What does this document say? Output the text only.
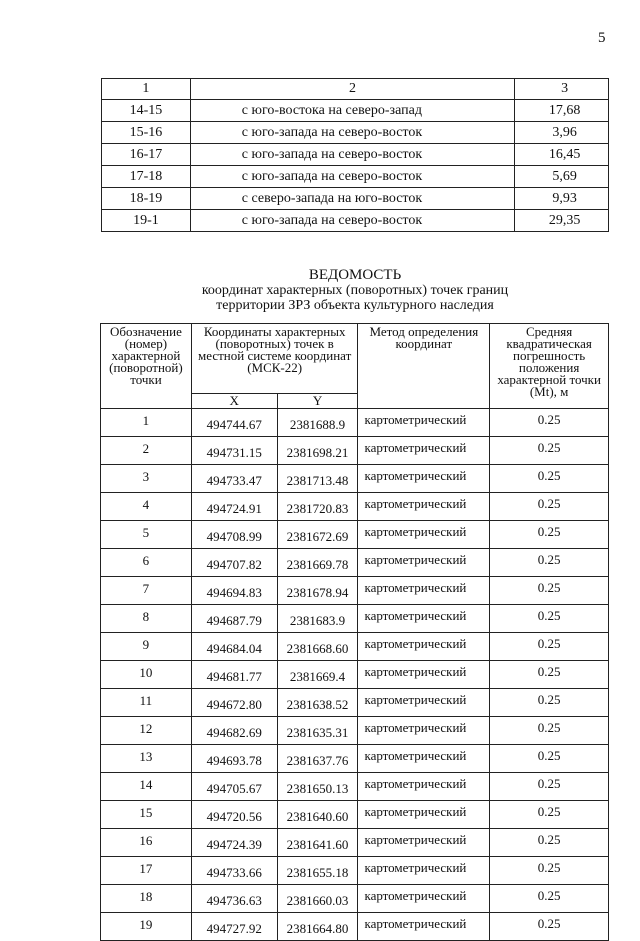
5
1	2	3
14-15	с юго-востока на северо-запад	17,68
15-16	с юго-запада на северо-восток	3,96
16-17	с юго-запада на северо-восток	16,45
17-18	с юго-запада на северо-восток	5,69
18-19	с северо-запада на юго-восток	9,93
19-1	с юго-запада на северо-восток	29,35
ВЕДОМОСТЬ
координат характерных (поворотных) точек границ
территории ЗРЗ объекта культурного наследия
Обозначение (номер) характерной (поворотной) точки	Координаты характерных (поворотных) точек в местной системе координат (МСК-22)		Метод определения координат	Средняя квадратическая погрешность положения характерной точки (Mt), м
	X	Y		
1	494744.67	2381688.9	картометрический	0.25
2	494731.15	2381698.21	картометрический	0.25
3	494733.47	2381713.48	картометрический	0.25
4	494724.91	2381720.83	картометрический	0.25
5	494708.99	2381672.69	картометрический	0.25
6	494707.82	2381669.78	картометрический	0.25
7	494694.83	2381678.94	картометрический	0.25
8	494687.79	2381683.9	картометрический	0.25
9	494684.04	2381668.60	картометрический	0.25
10	494681.77	2381669.4	картометрический	0.25
11	494672.80	2381638.52	картометрический	0.25
12	494682.69	2381635.31	картометрический	0.25
13	494693.78	2381637.76	картометрический	0.25
14	494705.67	2381650.13	картометрический	0.25
15	494720.56	2381640.60	картометрический	0.25
16	494724.39	2381641.60	картометрический	0.25
17	494733.66	2381655.18	картометрический	0.25
18	494736.63	2381660.03	картометрический	0.25
19	494727.92	2381664.80	картометрический	0.25
